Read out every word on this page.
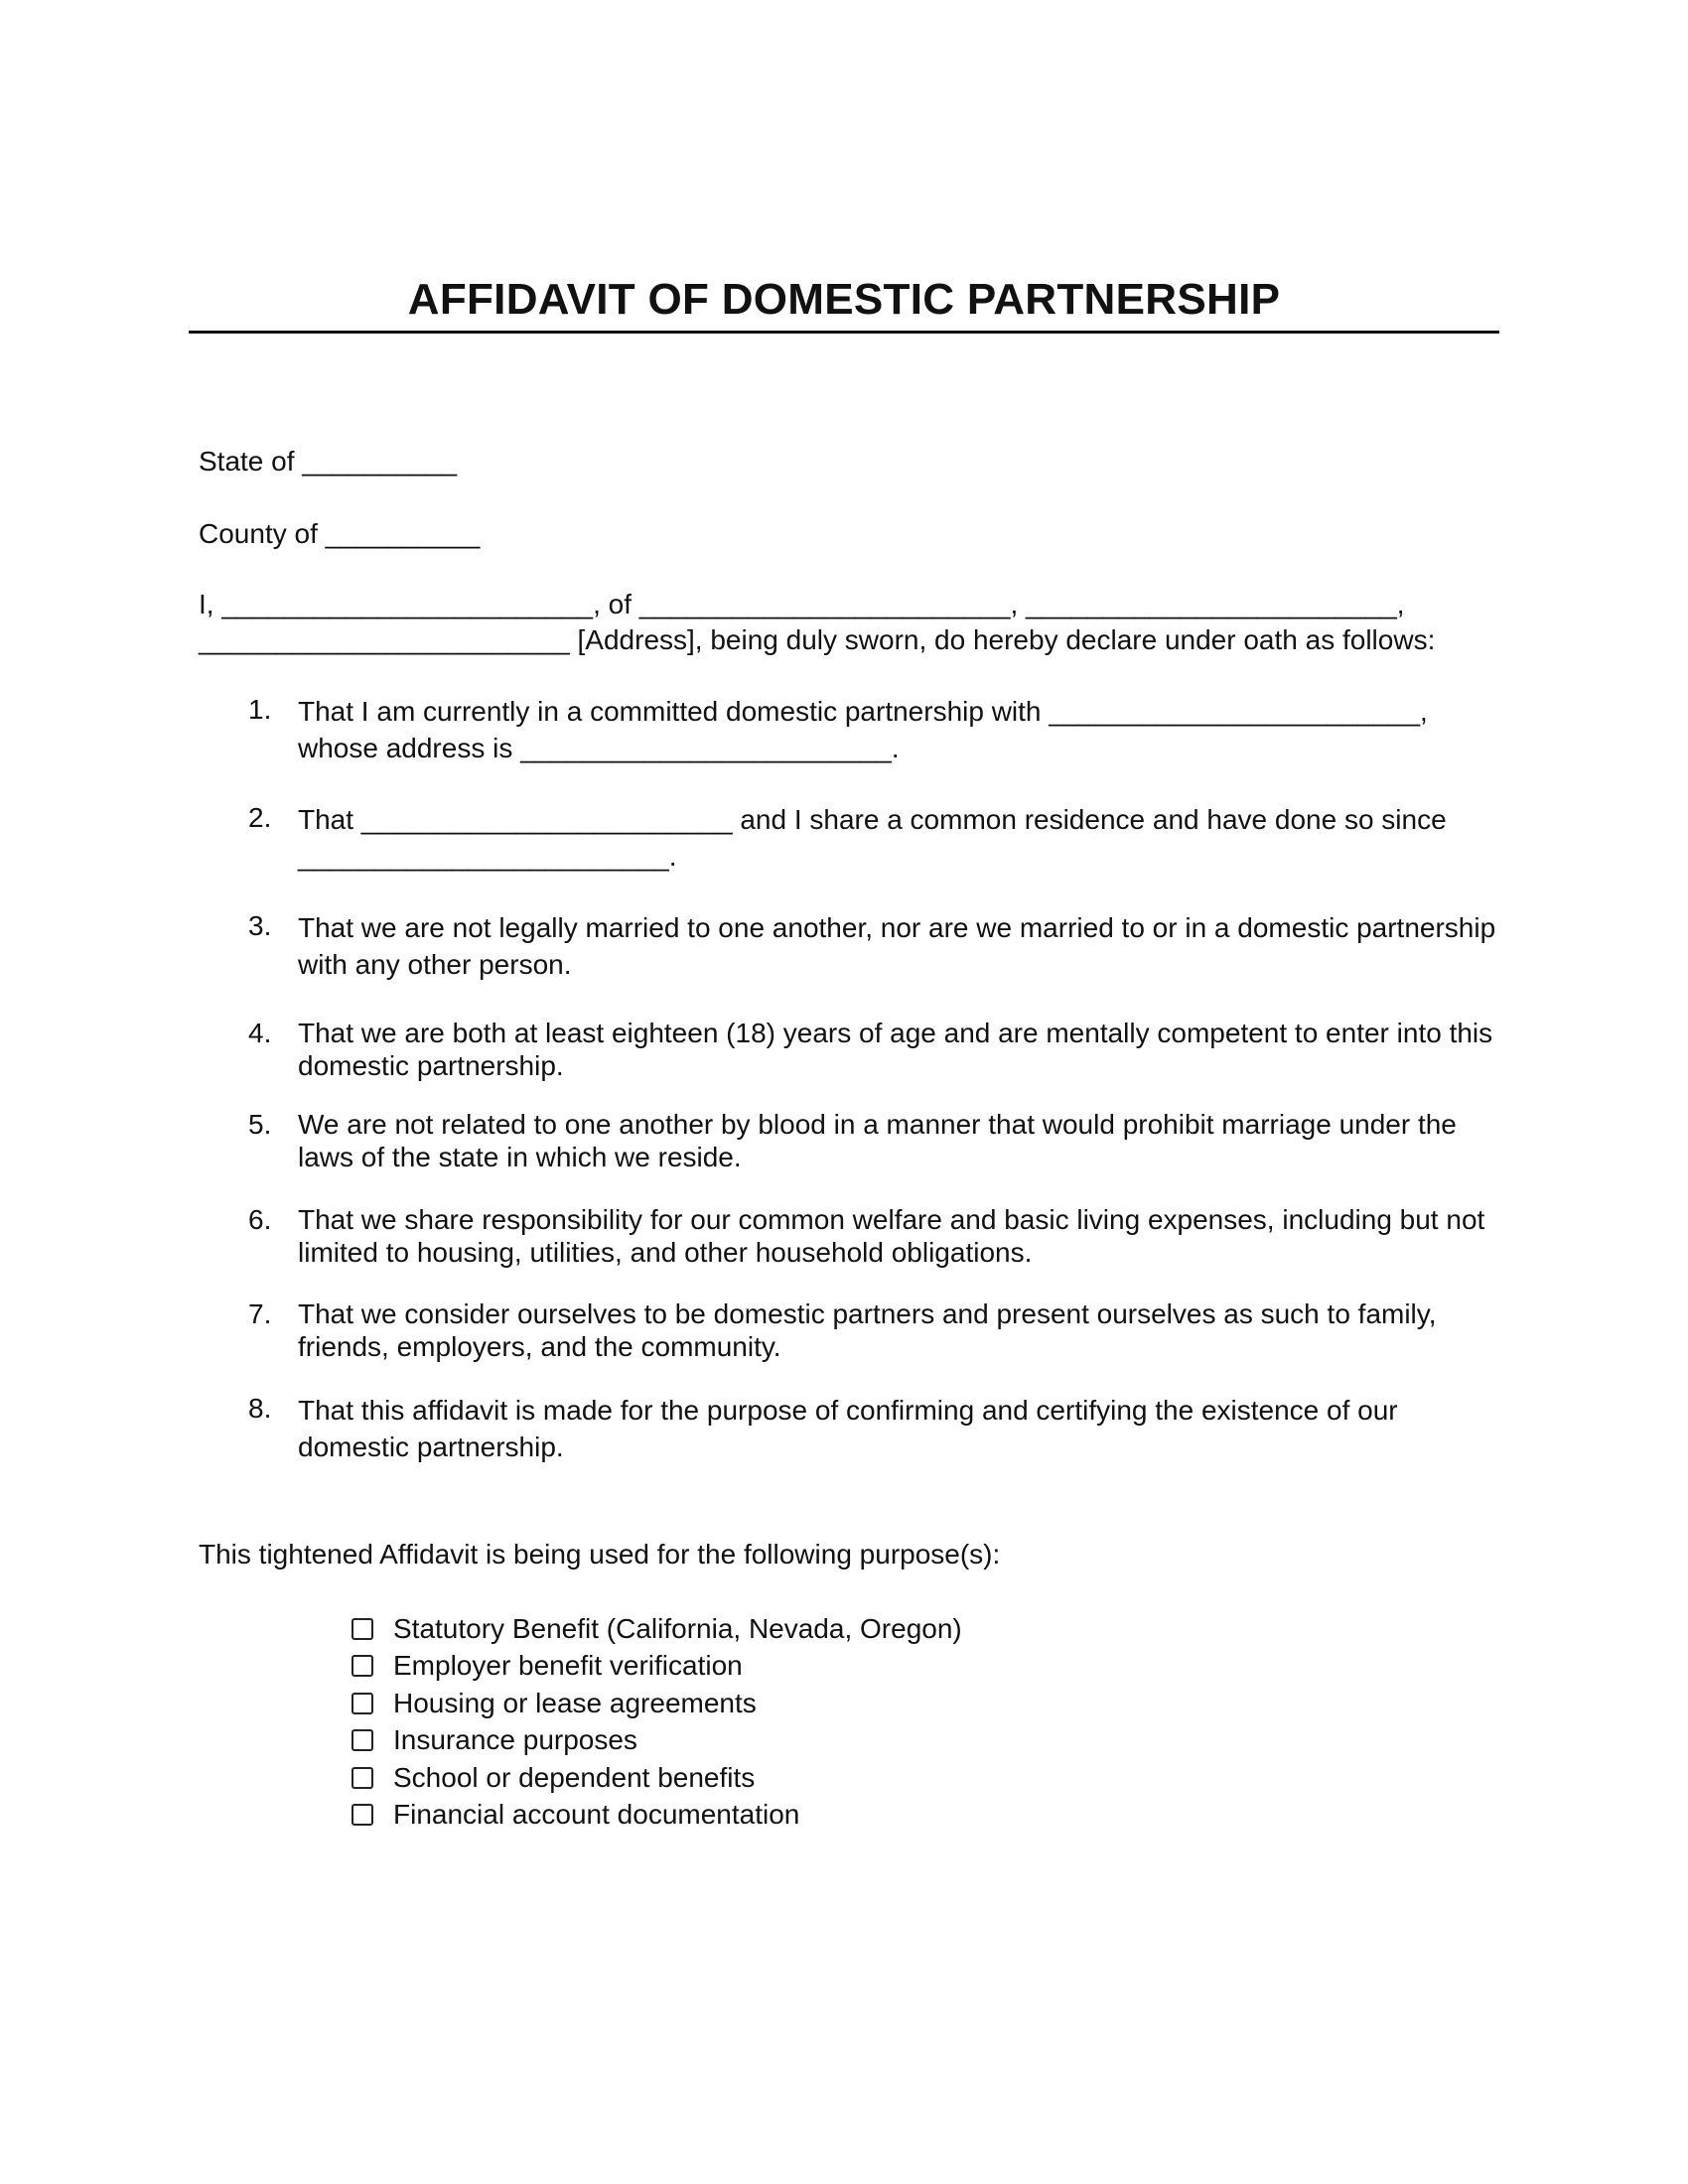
AFFIDAVIT OF DOMESTIC PARTNERSHIP

State of __________

County of __________

I, ________________________, of ________________________, ________________________,

________________________ [Address], being duly sworn, do hereby declare under oath as follows:

1. That I am currently in a committed domestic partnership with ________________________,
whose address is ________________________.
2. That ________________________ and I share a common residence and have done so since
________________________.
3. That we are not legally married to one another, nor are we married to or in a domestic partnership
with any other person.
4. That we are both at least eighteen (18) years of age and are mentally competent to enter into this
domestic partnership.
5. We are not related to one another by blood in a manner that would prohibit marriage under the
laws of the state in which we reside.
6. That we share responsibility for our common welfare and basic living expenses, including but not
limited to housing, utilities, and other household obligations.
7. That we consider ourselves to be domestic partners and present ourselves as such to family,
friends, employers, and the community.
8. That this affidavit is made for the purpose of confirming and certifying the existence of our
domestic partnership.

This tightened Affidavit is being used for the following purpose(s):

Statutory Benefit (California, Nevada, Oregon)
Employer benefit verification
Housing or lease agreements
Insurance purposes
School or dependent benefits
Financial account documentation
